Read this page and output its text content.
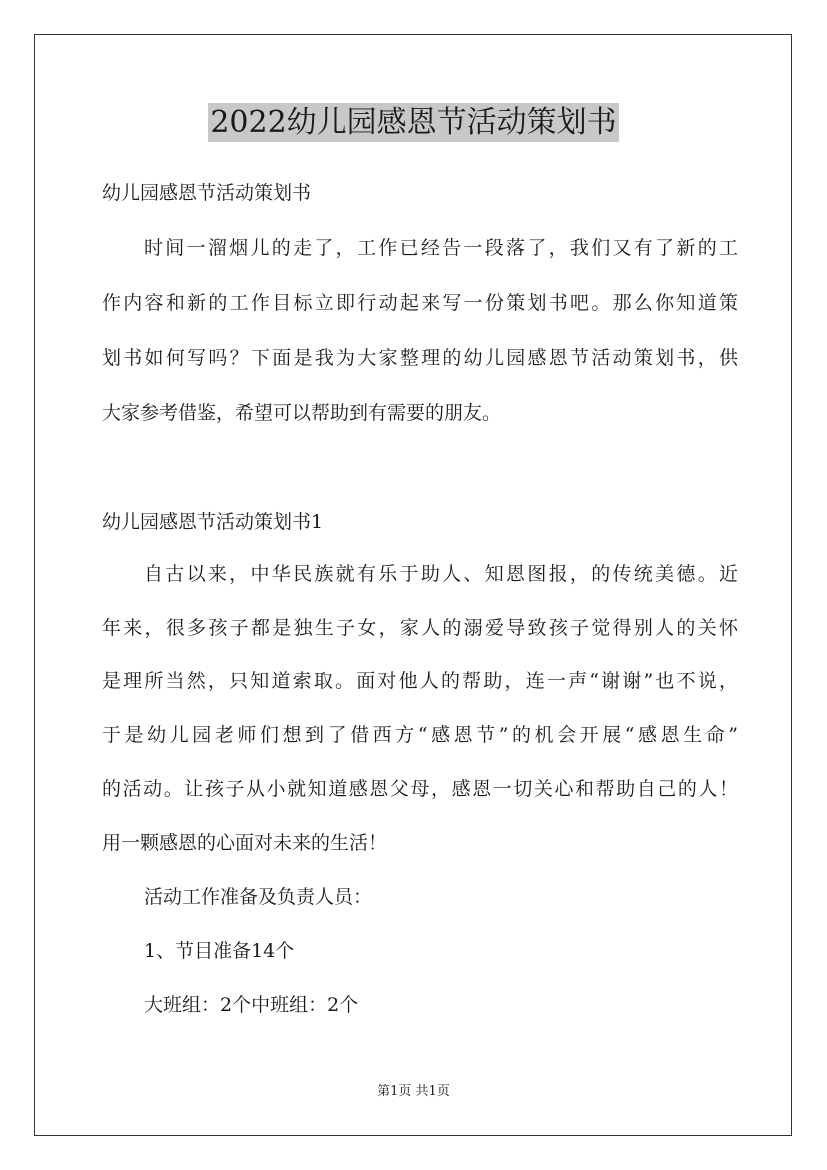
2022幼儿园感恩节活动策划书
幼儿园感恩节活动策划书
时间一溜烟儿的走了，工作已经告一段落了，我们又有了新的工
作内容和新的工作目标立即行动起来写一份策划书吧。那么你知道策
划书如何写吗？下面是我为大家整理的幼儿园感恩节活动策划书，供
大家参考借鉴，希望可以帮助到有需要的朋友。
幼儿园感恩节活动策划书1
自古以来，中华民族就有乐于助人、知恩图报，的传统美德。近
年来，很多孩子都是独生子女，家人的溺爱导致孩子觉得别人的关怀
是理所当然，只知道索取。面对他人的帮助，连一声“谢谢”也不说，
于是幼儿园老师们想到了借西方“感恩节”的机会开展“感恩生命”
的活动。让孩子从小就知道感恩父母，感恩一切关心和帮助自己的人！
用一颗感恩的心面对未来的生活！
活动工作准备及负责人员：
1、节目准备14个
大班组：2个中班组：2个
第1页 共1页
